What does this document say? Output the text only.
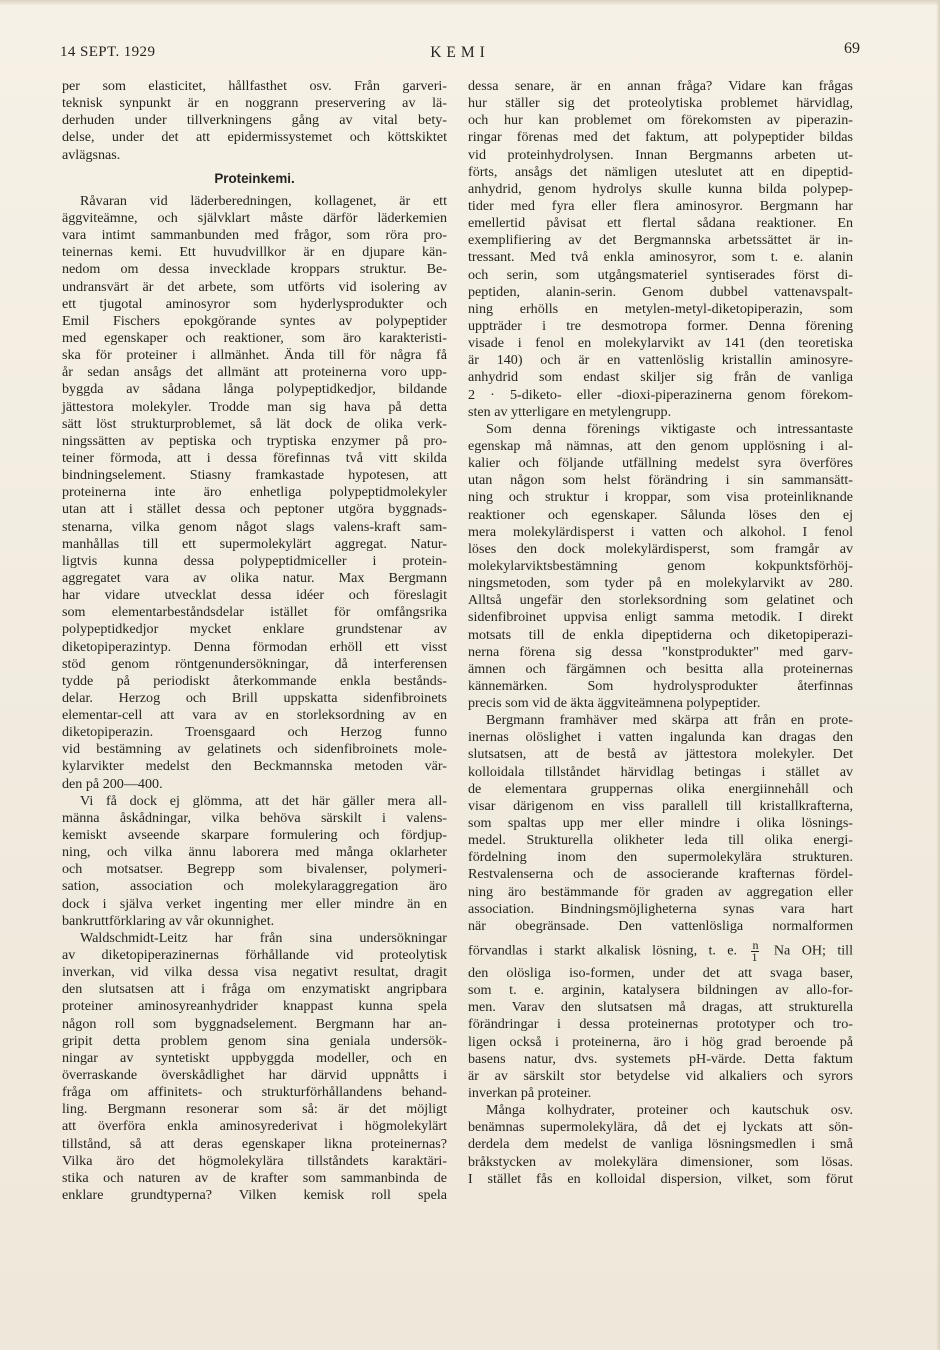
14 SEPT. 1929	KEMI	69
per som elasticitet, hållfasthet osv. Från garveri-
teknisk synpunkt är en noggrann preservering av lä-
derhuden under tillverkningens gång av vital bety-
delse, under det att epidermissystemet och köttskiktet
avlägsnas.
Proteinkemi.
Råvaran vid läderberedningen, kollagenet, är ett
äggviteämne, och självklart måste därför läderkemien
vara intimt sammanbunden med frågor, som röra pro-
teinernas kemi. Ett huvudvillkor är en djupare kän-
nedom om dessa invecklade kroppars struktur. Be-
undransvärt är det arbete, som utförts vid isolering av
ett tjugotal aminosyror som hyderlysprodukter och
Emil Fischers epokgörande syntes av polypeptider
med egenskaper och reaktioner, som äro karakteristi-
ska för proteiner i allmänhet. Ända till för några få
år sedan ansågs det allmänt att proteinerna voro upp-
byggda av sådana långa polypeptidkedjor, bildande
jättestora molekyler. Trodde man sig hava på detta
sätt löst strukturproblemet, så lät dock de olika verk-
ningssätten av peptiska och tryptiska enzymer på pro-
teiner förmoda, att i dessa förefinnas två vitt skilda
bindningselement. Stiasny framkastade hypotesen, att
proteinerna inte äro enhetliga polypeptidmolekyler
utan att i stället dessa och peptoner utgöra byggnads-
stenarna, vilka genom något slags valens-kraft sam-
manhållas till ett supermolekylärt aggregat. Natur-
ligtvis kunna dessa polypeptidmiceller i protein-
aggregatet vara av olika natur. Max Bergmann
har vidare utvecklat dessa idéer och föreslagit
som elementarbeståndsdelar istället för omfångsrika
polypeptidkedjor mycket enklare grundstenar av
diketopiperazintyp. Denna förmodan erhöll ett visst
stöd genom röntgenundersökningar, då interferensen
tydde på periodiskt återkommande enkla bestånds-
delar. Herzog och Brill uppskatta sidenfibroinets
elementar-cell att vara av en storleksordning av en
diketopiperazin. Troensgaard och Herzog funno
vid bestämning av gelatinets och sidenfibroinets mole-
kylarvikter medelst den Beckmannska metoden vär-
den på 200—400.
Vi få dock ej glömma, att det här gäller mera all-
männa åskådningar, vilka behöva särskilt i valens-
kemiskt avseende skarpare formulering och fördjup-
ning, och vilka ännu laborera med många oklarheter
och motsatser. Begrepp som bivalenser, polymeri-
sation, association och molekylaraggregation äro
dock i själva verket ingenting mer eller mindre än en
bankruttförklaring av vår okunnighet.
Waldschmidt-Leitz har från sina undersökningar
av diketopiperazinernas förhållande vid proteolytisk
inverkan, vid vilka dessa visa negativt resultat, dragit
den slutsatsen att i fråga om enzymatiskt angripbara
proteiner aminosyreanhydrider knappast kunna spela
någon roll som byggnadselement. Bergmann har an-
gripit detta problem genom sina geniala undersök-
ningar av syntetiskt uppbyggda modeller, och en
överraskande överskådlighet har därvid uppnåtts i
fråga om affinitets- och strukturförhållandens behand-
ling. Bergmann resonerar som så: är det möjligt
att överföra enkla aminosyrederivat i högmolekylärt
tillstånd, så att deras egenskaper likna proteinernas?
Vilka äro det högmolekylära tillståndets karaktäri-
stika och naturen av de krafter som sammanbinda de
enklare grundtyperna? Vilken kemisk roll spela
dessa senare, är en annan fråga? Vidare kan frågas
hur ställer sig det proteolytiska problemet härvidlag,
och hur kan problemet om förekomsten av piperazin-
ringar förenas med det faktum, att polypeptider bildas
vid proteinhydrolysen. Innan Bergmanns arbeten ut-
förts, ansågs det nämligen uteslutet att en dipeptid-
anhydrid, genom hydrolys skulle kunna bilda polypep-
tider med fyra eller flera aminosyror. Bergmann har
emellertid påvisat ett flertal sådana reaktioner. En
exemplifiering av det Bergmannska arbetssättet är in-
tressant. Med två enkla aminosyror, som t. e. alanin
och serin, som utgångsmateriel syntiserades först di-
peptiden, alanin-serin. Genom dubbel vattenavspalt-
ning erhölls en metylen-metyl-diketopiperazin, som
uppträder i tre desmotropa former. Denna förening
visade i fenol en molekylarvikt av 141 (den teoretiska
är 140) och är en vattenlöslig kristallin aminosyre-
anhydrid som endast skiljer sig från de vanliga
2 · 5-diketo- eller -dioxi-piperazinerna genom förekom-
sten av ytterligare en metylengrupp.
Som denna förenings viktigaste och intressantaste
egenskap må nämnas, att den genom upplösning i al-
kalier och följande utfällning medelst syra överföres
utan någon som helst förändring i sin sammansätt-
ning och struktur i kroppar, som visa proteinliknande
reaktioner och egenskaper. Sålunda löses den ej
mera molekylärdisperst i vatten och alkohol. I fenol
löses den dock molekylärdisperst, som framgår av
molekylarviktsbestämning genom kokpunktsförhöj-
ningsmetoden, som tyder på en molekylarvikt av 280.
Alltså ungefär den storleksordning som gelatinet och
sidenfibroinet uppvisa enligt samma metodik. I direkt
motsats till de enkla dipeptiderna och diketopiperazi-
nerna förena sig dessa "konstprodukter" med garv-
ämnen och färgämnen och besitta alla proteinernas
kännemärken. Som hydrolysprodukter återfinnas
precis som vid de äkta äggviteämnena polypeptider.
Bergmann framhäver med skärpa att från en prote-
inernas olöslighet i vatten ingalunda kan dragas den
slutsatsen, att de bestå av jättestora molekyler. Det
kolloidala tillståndet härvidlag betingas i stället av
de elementara gruppernas olika energiinnehåll och
visar därigenom en viss parallell till kristallkrafterna,
som spaltas upp mer eller mindre i olika lösnings-
medel. Strukturella olikheter leda till olika energi-
fördelning inom den supermolekylära strukturen.
Restvalenserna och de associerande krafternas fördel-
ning äro bestämmande för graden av aggregation eller
association. Bindningsmöjligheterna synas vara hart
när obegränsade. Den vattenlösliga normalformen
förvandlas i starkt alkalisk lösning, t. e. $\frac{n}{1}$ Na OH; till
den olösliga iso-formen, under det att svaga baser,
som t. e. arginin, katalysera bildningen av allo-for-
men. Varav den slutsatsen må dragas, att strukturella
förändringar i dessa proteinernas prototyper och tro-
ligen också i proteinerna, äro i hög grad beroende på
basens natur, dvs. systemets pH-värde. Detta faktum
är av särskilt stor betydelse vid alkaliers och syrors
inverkan på proteiner.
Många kolhydrater, proteiner och kautschuk osv.
benämnas supermolekylära, då det ej lyckats att sön-
derdela dem medelst de vanliga lösningsmedlen i små
bråkstycken av molekylära dimensioner, som lösas.
I stället fås en kolloidal dispersion, vilket, som förut
